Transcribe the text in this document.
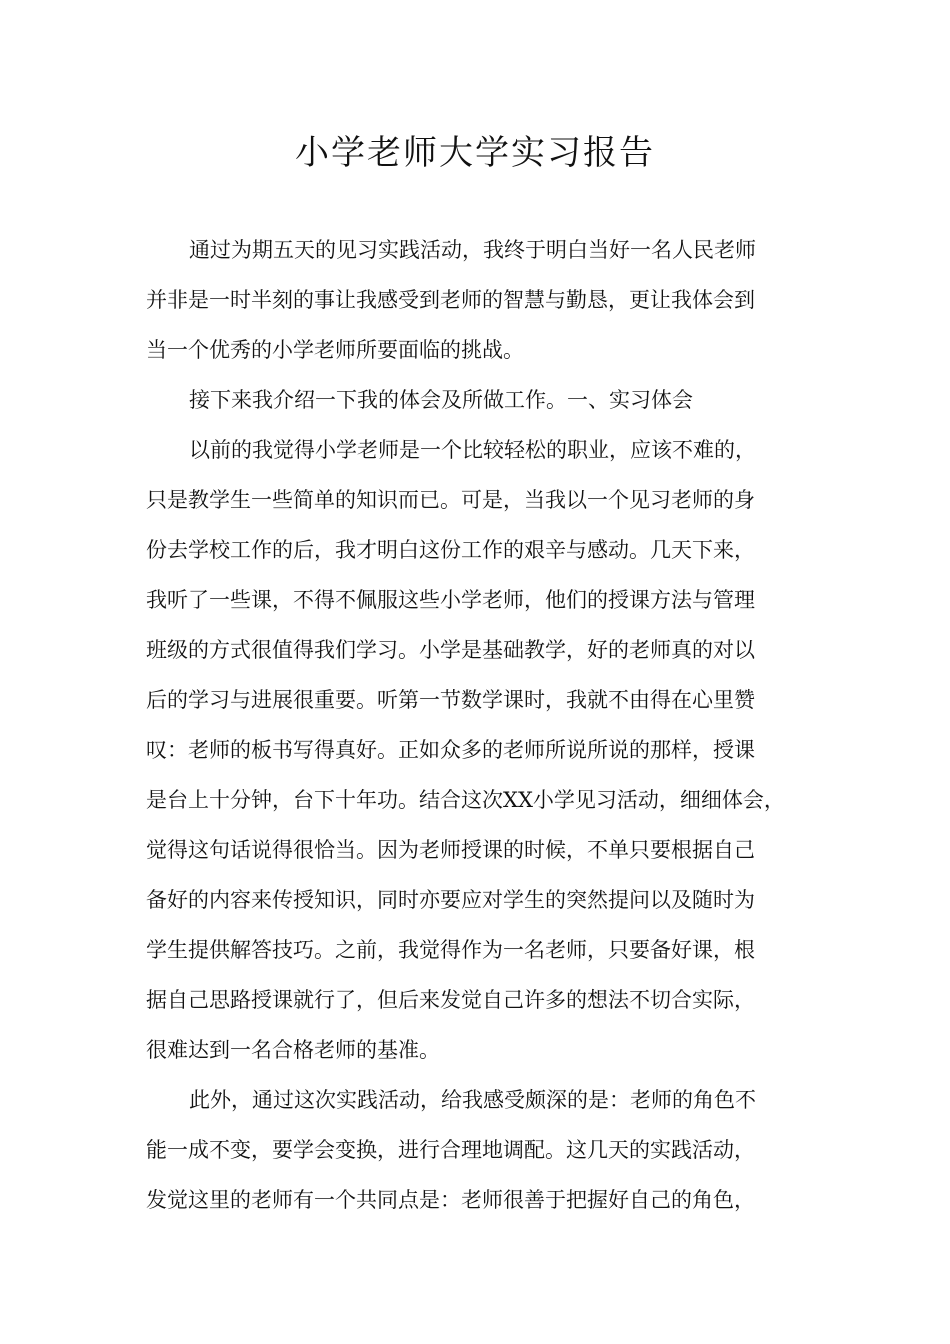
小学老师大学实习报告

通过为期五天的见习实践活动，我终于明白当好一名人民老师

并非是一时半刻的事让我感受到老师的智慧与勤恳，更让我体会到

当一个优秀的小学老师所要面临的挑战。

接下来我介绍一下我的体会及所做工作。一、实习体会

以前的我觉得小学老师是一个比较轻松的职业，应该不难的，

只是教学生一些简单的知识而已。可是，当我以一个见习老师的身

份去学校工作的后，我才明白这份工作的艰辛与感动。几天下来，

我听了一些课，不得不佩服这些小学老师，他们的授课方法与管理

班级的方式很值得我们学习。小学是基础教学，好的老师真的对以

后的学习与进展很重要。听第一节数学课时，我就不由得在心里赞

叹：老师的板书写得真好。正如众多的老师所说所说的那样，授课

是台上十分钟，台下十年功。结合这次XX小学见习活动，细细体会，

觉得这句话说得很恰当。因为老师授课的时候，不单只要根据自己

备好的内容来传授知识，同时亦要应对学生的突然提问以及随时为

学生提供解答技巧。之前，我觉得作为一名老师，只要备好课，根

据自己思路授课就行了，但后来发觉自己许多的想法不切合实际，

很难达到一名合格老师的基准。

此外，通过这次实践活动，给我感受颇深的是：老师的角色不

能一成不变，要学会变换，进行合理地调配。这几天的实践活动，

发觉这里的老师有一个共同点是：老师很善于把握好自己的角色，
